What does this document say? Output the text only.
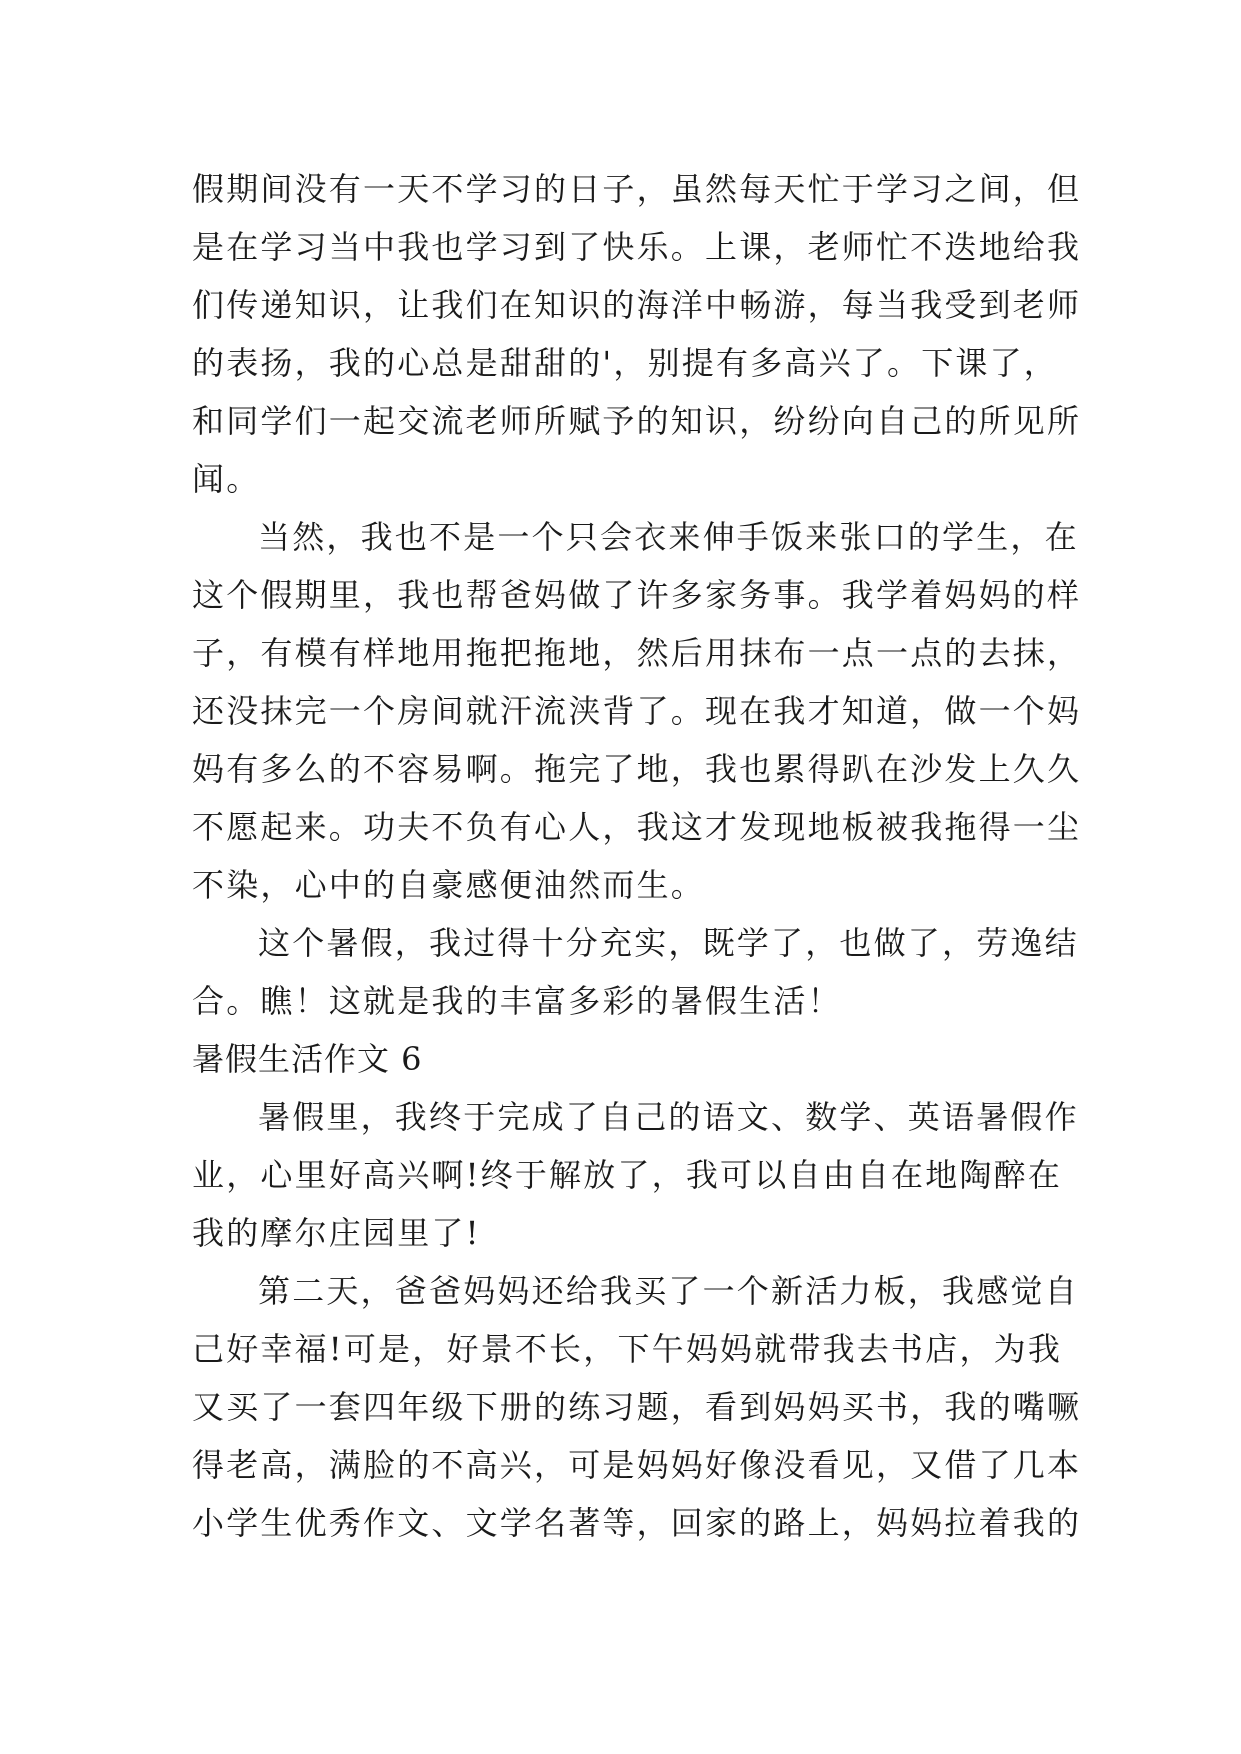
假期间没有一天不学习的日子，虽然每天忙于学习之间，但
是在学习当中我也学习到了快乐。上课，老师忙不迭地给我
们传递知识，让我们在知识的海洋中畅游，每当我受到老师
的表扬，我的心总是甜甜的'，别提有多高兴了。下课了，
和同学们一起交流老师所赋予的知识，纷纷向自己的所见所
闻。
当然，我也不是一个只会衣来伸手饭来张口的学生，在
这个假期里，我也帮爸妈做了许多家务事。我学着妈妈的样
子，有模有样地用拖把拖地，然后用抹布一点一点的去抹，
还没抹完一个房间就汗流浃背了。现在我才知道，做一个妈
妈有多么的不容易啊。拖完了地，我也累得趴在沙发上久久
不愿起来。功夫不负有心人，我这才发现地板被我拖得一尘
不染，心中的自豪感便油然而生。
这个暑假，我过得十分充实，既学了，也做了，劳逸结
合。瞧！这就是我的丰富多彩的暑假生活！
暑假生活作文 6
暑假里，我终于完成了自己的语文、数学、英语暑假作
业，心里好高兴啊!终于解放了，我可以自由自在地陶醉在
我的摩尔庄园里了!
第二天，爸爸妈妈还给我买了一个新活力板，我感觉自
己好幸福!可是，好景不长，下午妈妈就带我去书店，为我
又买了一套四年级下册的练习题，看到妈妈买书，我的嘴噘
得老高，满脸的不高兴，可是妈妈好像没看见，又借了几本
小学生优秀作文、文学名著等，回家的路上，妈妈拉着我的
